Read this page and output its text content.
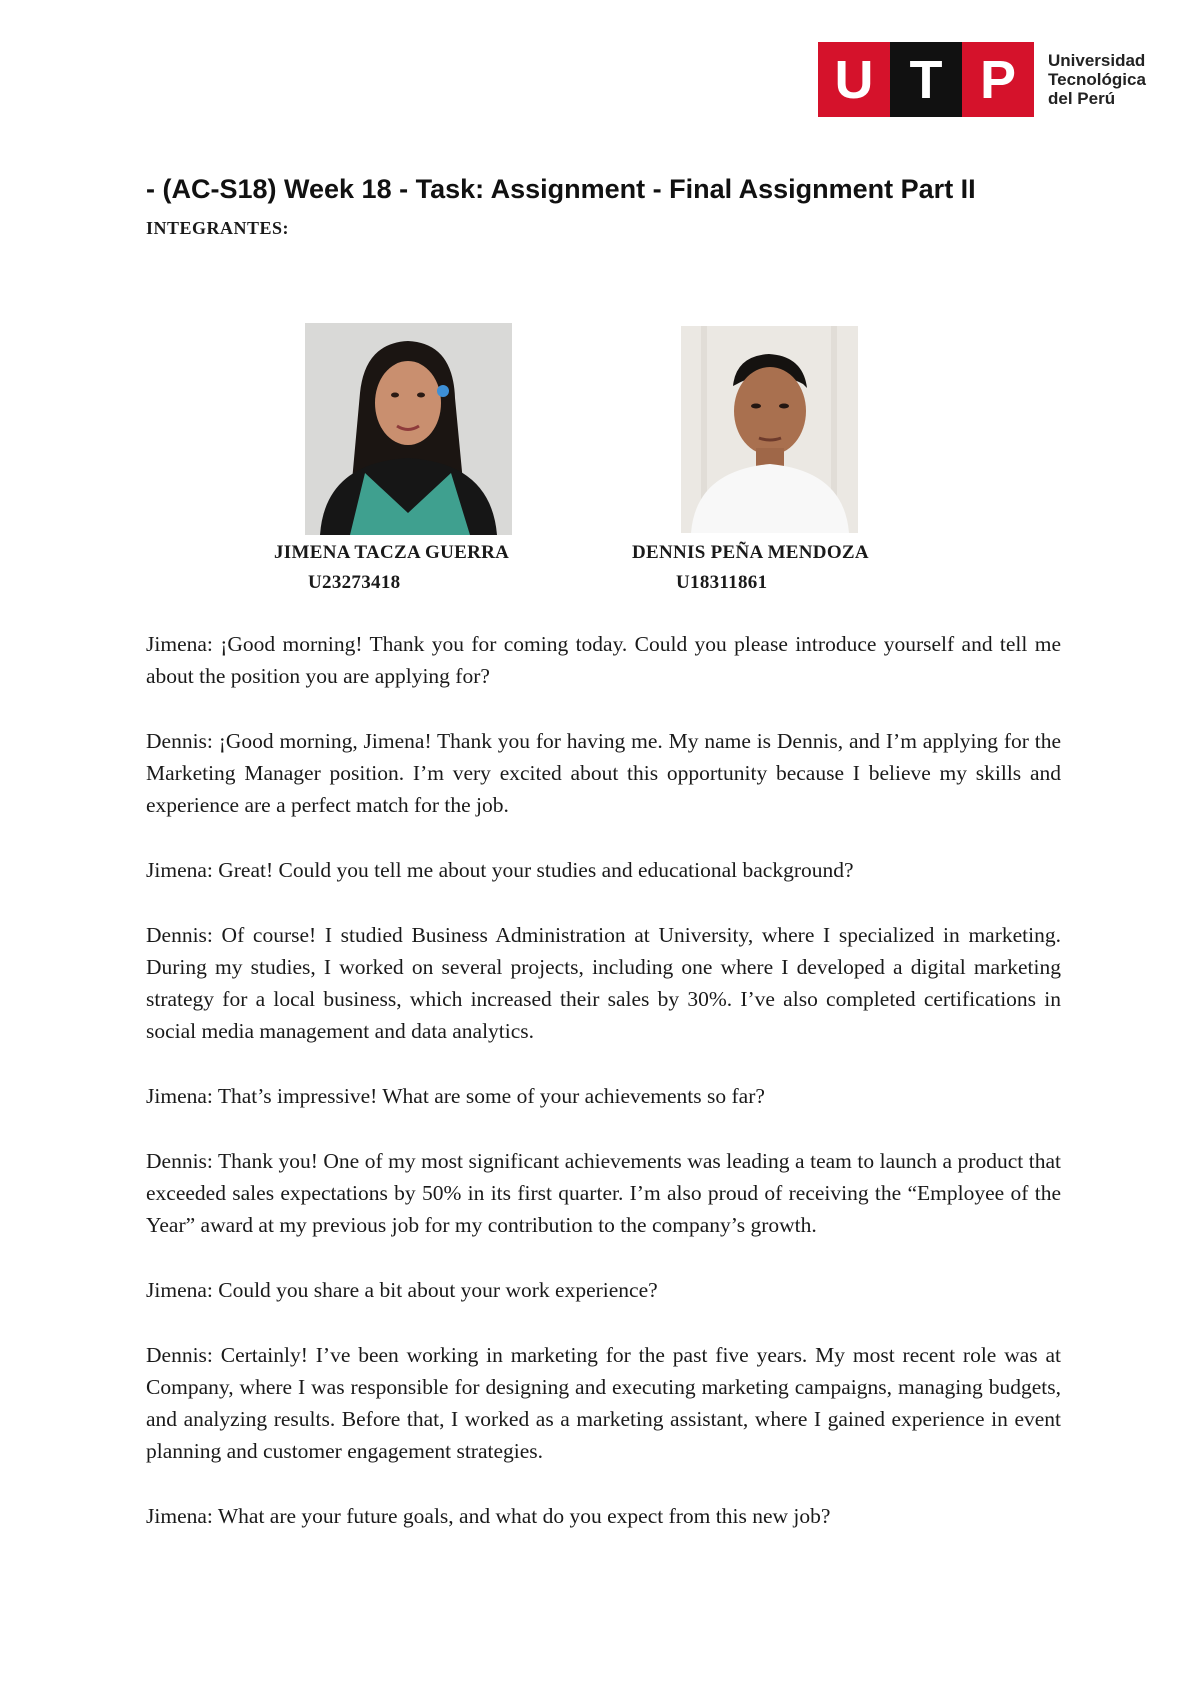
U T P	Universidad
Tecnológica
del Perú
- (AC-S18) Week 18 - Task: Assignment - Final Assignment Part II
INTEGRANTES:
JIMENA TACZA GUERRA
U23273418
DENNIS PEÑA MENDOZA
U18311861

Jimena: ¡Good morning! Thank you for coming today. Could you please introduce yourself and tell me about the position you are applying for?

Dennis: ¡Good morning, Jimena! Thank you for having me. My name is Dennis, and I’m applying for the Marketing Manager position. I’m very excited about this opportunity because I believe my skills and experience are a perfect match for the job.

Jimena: Great! Could you tell me about your studies and educational background?

Dennis: Of course! I studied Business Administration at University, where I specialized in marketing. During my studies, I worked on several projects, including one where I developed a digital marketing strategy for a local business, which increased their sales by 30%. I’ve also completed certifications in social media management and data analytics.

Jimena: That’s impressive! What are some of your achievements so far?

Dennis: Thank you! One of my most significant achievements was leading a team to launch a product that exceeded sales expectations by 50% in its first quarter. I’m also proud of receiving the “Employee of the Year” award at my previous job for my contribution to the company’s growth.

Jimena: Could you share a bit about your work experience?

Dennis: Certainly! I’ve been working in marketing for the past five years. My most recent role was at Company, where I was responsible for designing and executing marketing campaigns, managing budgets, and analyzing results. Before that, I worked as a marketing assistant, where I gained experience in event planning and customer engagement strategies.

Jimena: What are your future goals, and what do you expect from this new job?
